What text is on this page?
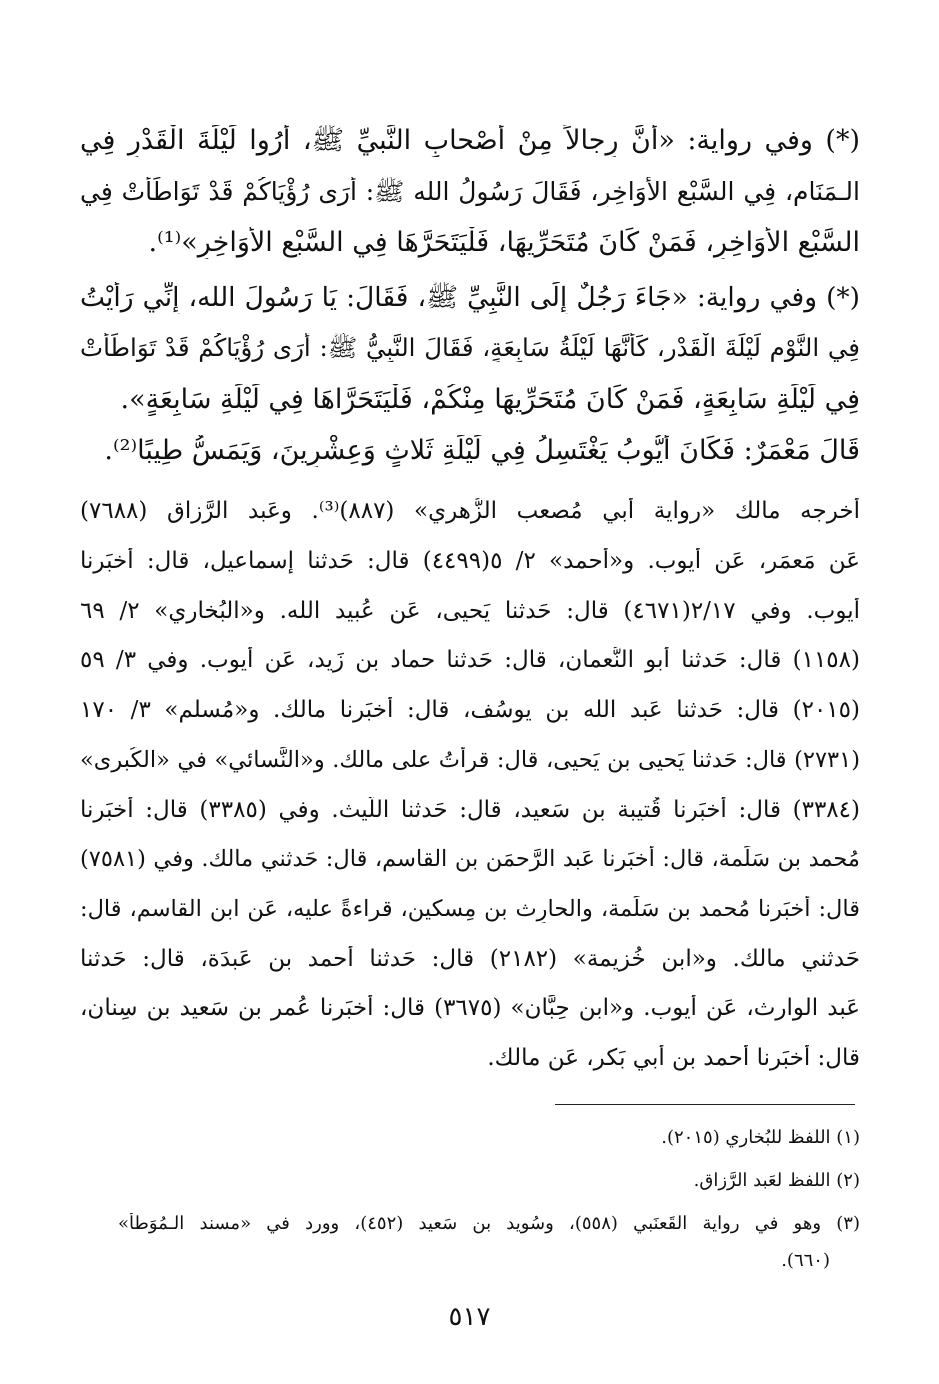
(*) وفي رواية: «أَنَّ رِجالاً مِنْ أَصْحابِ النَّبيِّ ﷺ، أُرُوا لَيْلَةَ الْقَدْرِ فِي
الـمَنَامِ، فِي السَّبْعِ الأَوَاخِرِ، فَقَالَ رَسُولُ الله ﷺ: أَرَى رُؤْيَاكُمْ قَدْ تَوَاطَأَتْ فِي
السَّبْعِ الأَوَاخِرِ، فَمَنْ كَانَ مُتَحَرِّيهَا، فَلْيَتَحَرَّهَا فِي السَّبْعِ الأَوَاخِرِ»⁽¹⁾.
(*) وفي رواية: «جَاءَ رَجُلٌ إِلَى النَّبِيِّ ﷺ، فَقَالَ: يَا رَسُولَ الله، إِنِّي رَأَيْتُ
فِي النَّوْمِ لَيْلَةَ الْقَدْرِ، كَأَنَّهَا لَيْلَةُ سَابِعَةٍ، فَقَالَ النَّبِيُّ ﷺ: أَرَى رُؤْيَاكُمْ قَدْ تَوَاطَأَتْ
فِي لَيْلَةِ سَابِعَةٍ، فَمَنْ كَانَ مُتَحَرِّيهَا مِنْكُمْ، فَلْيَتَحَرَّاهَا فِي لَيْلَةِ سَابِعَةٍ».
قَالَ مَعْمَرٌ: فَكَانَ أَيُّوبُ يَغْتَسِلُ فِي لَيْلَةِ ثَلاثٍ وَعِشْرِينَ، وَيَمَسُّ طِيبًا⁽²⁾.
أخرجه مالك «رواية أبي مُصعب الزُّهري» (٨٨٧)⁽³⁾. وعَبد الرَّزاق (٧٦٨٨)
عَن مَعمَر، عَن أيوب. و«أحمد» ٢/ ٥(٤٤٩٩) قال: حَدثنا إسماعيل، قال: أخبَرنا
أيوب. وفي ٢/١٧(٤٦٧١) قال: حَدثنا يَحيى، عَن عُبيد الله. و«البُخاري» ٢/ ٦٩
(١١٥٨) قال: حَدثنا أبو النُّعمان، قال: حَدثنا حماد بن زَيد، عَن أيوب. وفي ٣/ ٥٩
(٢٠١٥) قال: حَدثنا عَبد الله بن يوسُف، قال: أخبَرنا مالك. و«مُسلم» ٣/ ١٧٠
(٢٧٣١) قال: حَدثنا يَحيى بن يَحيى، قال: قرأتُ على مالك. و«النَّسائي» في «الكُبرى»
(٣٣٨٤) قال: أخبَرنا قُتيبة بن سَعيد، قال: حَدثنا اللَّيث. وفي (٣٣٨٥) قال: أخبَرنا
مُحمد بن سَلَمة، قال: أخبَرنا عَبد الرَّحمَن بن القاسم، قال: حَدثني مالك. وفي (٧٥٨١)
قال: أخبَرنا مُحمد بن سَلَمة، والحارِث بن مِسكين، قراءةً عليه، عَن ابن القاسم، قال:
حَدثني مالك. و«ابن خُزيمة» (٢١٨٢) قال: حَدثنا أحمد بن عَبدَة، قال: حَدثنا
عَبد الوارث، عَن أيوب. و«ابن حِبَّان» (٣٦٧٥) قال: أخبَرنا عُمر بن سَعيد بن سِنان،
قال: أخبَرنا أحمد بن أبي بَكر، عَن مالك.
(١) اللفظ للبُخاري (٢٠١٥).
(٢) اللفظ لعَبد الرَّزاق.
(٣) وهو في رواية القَعنَبي (٥٥٨)، وسُويد بن سَعيد (٤٥٢)، وورد في «مسند الـمُوَطأ»
(٦٦٠).
٥١٧
